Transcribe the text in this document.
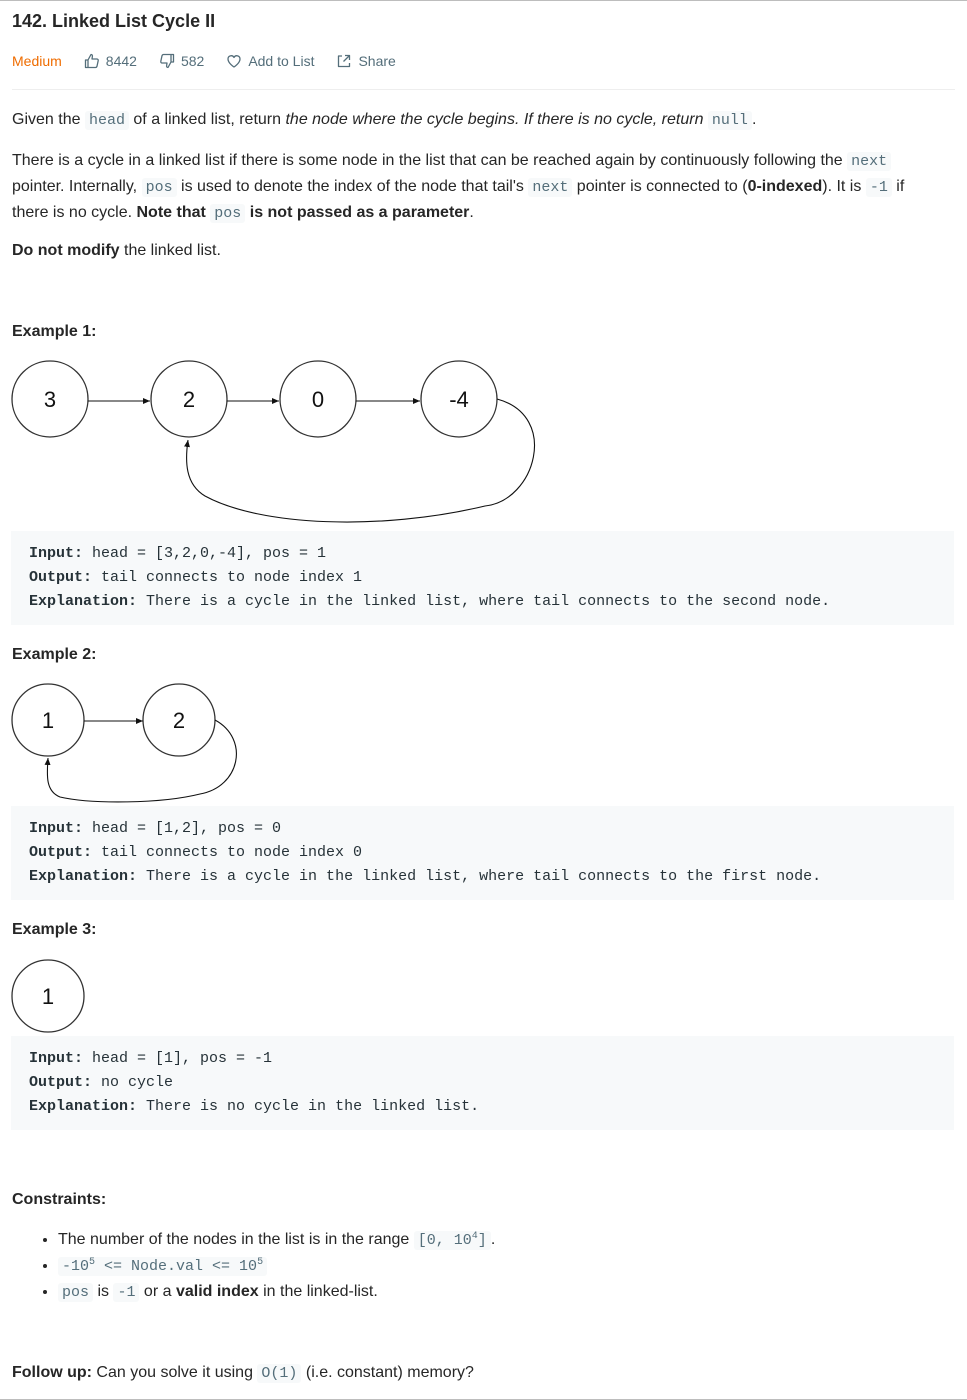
142. Linked List Cycle II
Medium	8442	582	Add to List	Share
Given the head of a linked list, return the node where the cycle begins. If there is no cycle, return null .
There is a cycle in a linked list if there is some node in the list that can be reached again by continuously following the next pointer. Internally, pos is used to denote the index of the node that tail's next pointer is connected to (0-indexed). It is -1 if there is no cycle. Note that pos is not passed as a parameter.
Do not modify the linked list.
Example 1:
3	2	0	-4
Input: head = [3,2,0,-4], pos = 1
Output: tail connects to node index 1
Explanation: There is a cycle in the linked list, where tail connects to the second node.
Example 2:
1	2
Input: head = [1,2], pos = 0
Output: tail connects to node index 0
Explanation: There is a cycle in the linked list, where tail connects to the first node.
Example 3:
1
Input: head = [1], pos = -1
Output: no cycle
Explanation: There is no cycle in the linked list.
Constraints:
• The number of the nodes in the list is in the range [0, $10^4$] .
• $-10^5$ <= Node.val <= $10^5$
• pos is -1 or a valid index in the linked-list.
Follow up: Can you solve it using O(1) (i.e. constant) memory?
